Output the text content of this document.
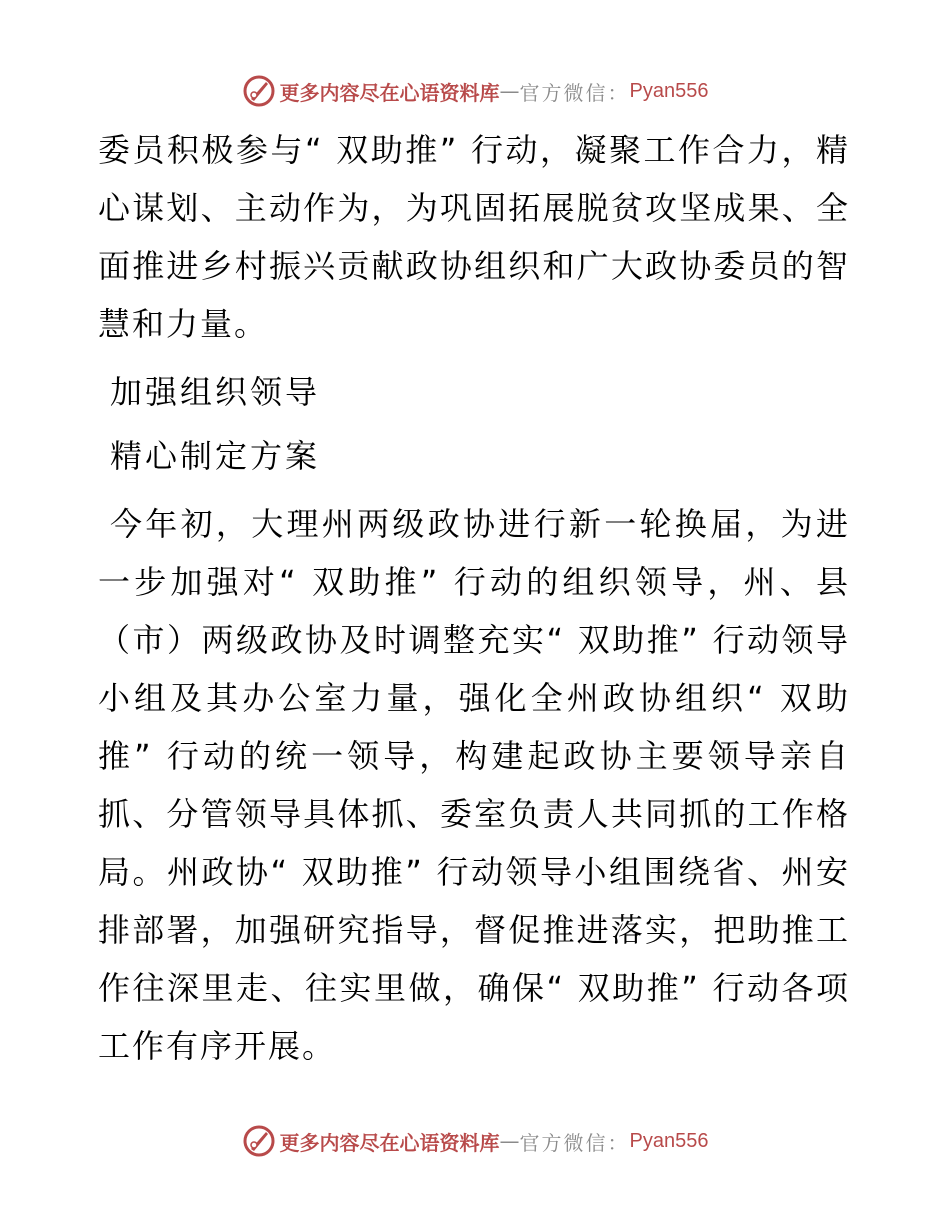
更多内容尽在心语资料库 — 官方微信： Pyan556

委员积极参与“ 双助推” 行动，凝聚工作合力，精心谋划、主动作为，为巩固拓展脱贫攻坚成果、全面推进乡村振兴贡献政协组织和广大政协委员的智慧和力量。

加强组织领导

精心制定方案

今年初，大理州两级政协进行新一轮换届，为进一步加强对“ 双助推” 行动的组织领导，州、县（市）两级政协及时调整充实“ 双助推” 行动领导小组及其办公室力量，强化全州政协组织“ 双助推” 行动的统一领导，构建起政协主要领导亲自抓、分管领导具体抓、委室负责人共同抓的工作格局。州政协“ 双助推” 行动领导小组围绕省、州安排部署，加强研究指导，督促推进落实，把助推工作往深里走、往实里做，确保“ 双助推” 行动各项工作有序开展。

更多内容尽在心语资料库 — 官方微信： Pyan556
